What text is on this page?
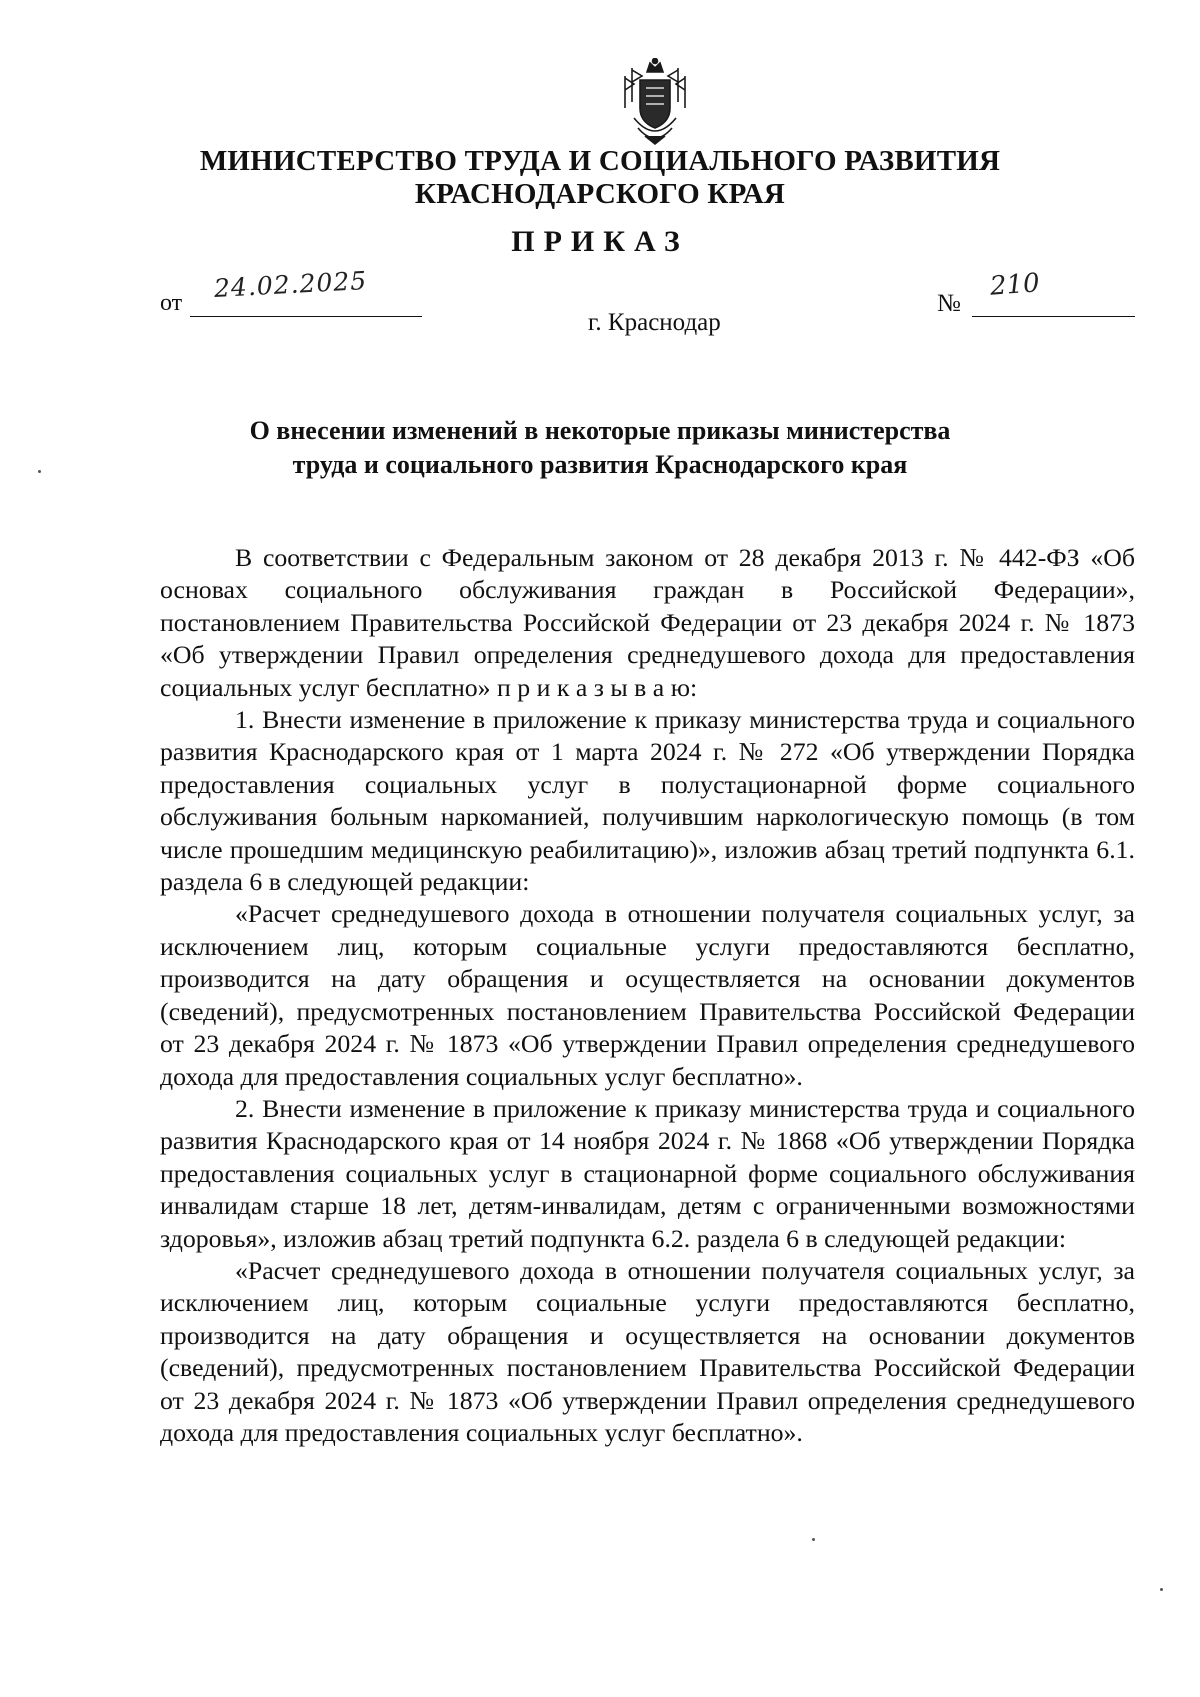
МИНИСТЕРСТВО ТРУДА И СОЦИАЛЬНОГО РАЗВИТИЯ
КРАСНОДАРСКОГО КРАЯ
ПРИКАЗ
от
24.02.2025
г. Краснодар
№
210
О внесении изменений в некоторые приказы министерства
труда и социального развития Краснодарского края

В соответствии с Федеральным законом от 28 декабря 2013 г. № 442-ФЗ «Об основах социального обслуживания граждан в Российской Федерации», постановлением Правительства Российской Федерации от 23 декабря 2024 г. № 1873 «Об утверждении Правил определения среднедушевого дохода для предоставления социальных услуг бесплатно» п р и к а з ы в а ю:

1. Внести изменение в приложение к приказу министерства труда и социального развития Краснодарского края от 1 марта 2024 г. № 272 «Об утверждении Порядка предоставления социальных услуг в полустационарной форме социального обслуживания больным наркоманией, получившим наркологическую помощь (в том числе прошедшим медицинскую реабилитацию)», изложив абзац третий подпункта 6.1. раздела 6 в следующей редакции:

«Расчет среднедушевого дохода в отношении получателя социальных услуг, за исключением лиц, которым социальные услуги предоставляются бесплатно, производится на дату обращения и осуществляется на основании документов (сведений), предусмотренных постановлением Правительства Российской Федерации от 23 декабря 2024 г. № 1873 «Об утверждении Правил определения среднедушевого дохода для предоставления социальных услуг бесплатно».

2. Внести изменение в приложение к приказу министерства труда и социального развития Краснодарского края от 14 ноября 2024 г. № 1868 «Об утверждении Порядка предоставления социальных услуг в стационарной форме социального обслуживания инвалидам старше 18 лет, детям-инвалидам, детям с ограниченными возможностями здоровья», изложив абзац третий подпункта 6.2. раздела 6 в следующей редакции:

«Расчет среднедушевого дохода в отношении получателя социальных услуг, за исключением лиц, которым социальные услуги предоставляются бесплатно, производится на дату обращения и осуществляется на основании документов (сведений), предусмотренных постановлением Правительства Российской Федерации от 23 декабря 2024 г. № 1873 «Об утверждении Правил определения среднедушевого дохода для предоставления социальных услуг бесплатно».
